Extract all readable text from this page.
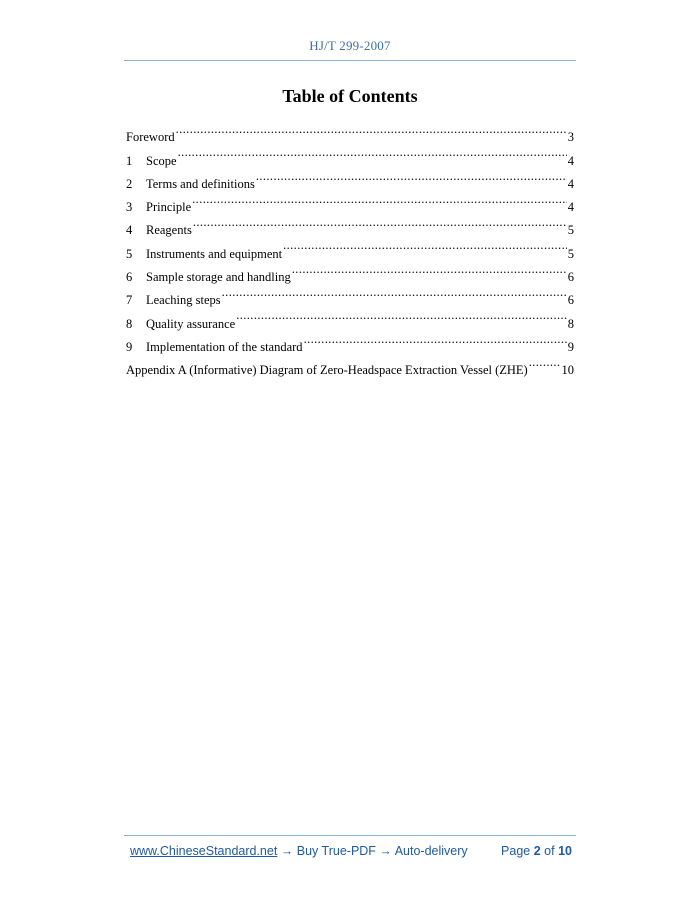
HJ/T 299-2007
Table of Contents
Foreword .....	3
1	Scope .....	4
2	Terms and definitions .....	4
3	Principle .....	4
4	Reagents .....	5
5	Instruments and equipment .....	5
6	Sample storage and handling .....	6
7	Leaching steps .....	6
8	Quality assurance .....	8
9	Implementation of the standard .....	9
Appendix A (Informative) Diagram of Zero-Headspace Extraction Vessel (ZHE) .....	10
www.ChineseStandard.net → Buy True-PDF → Auto-delivery	Page 2 of 10
